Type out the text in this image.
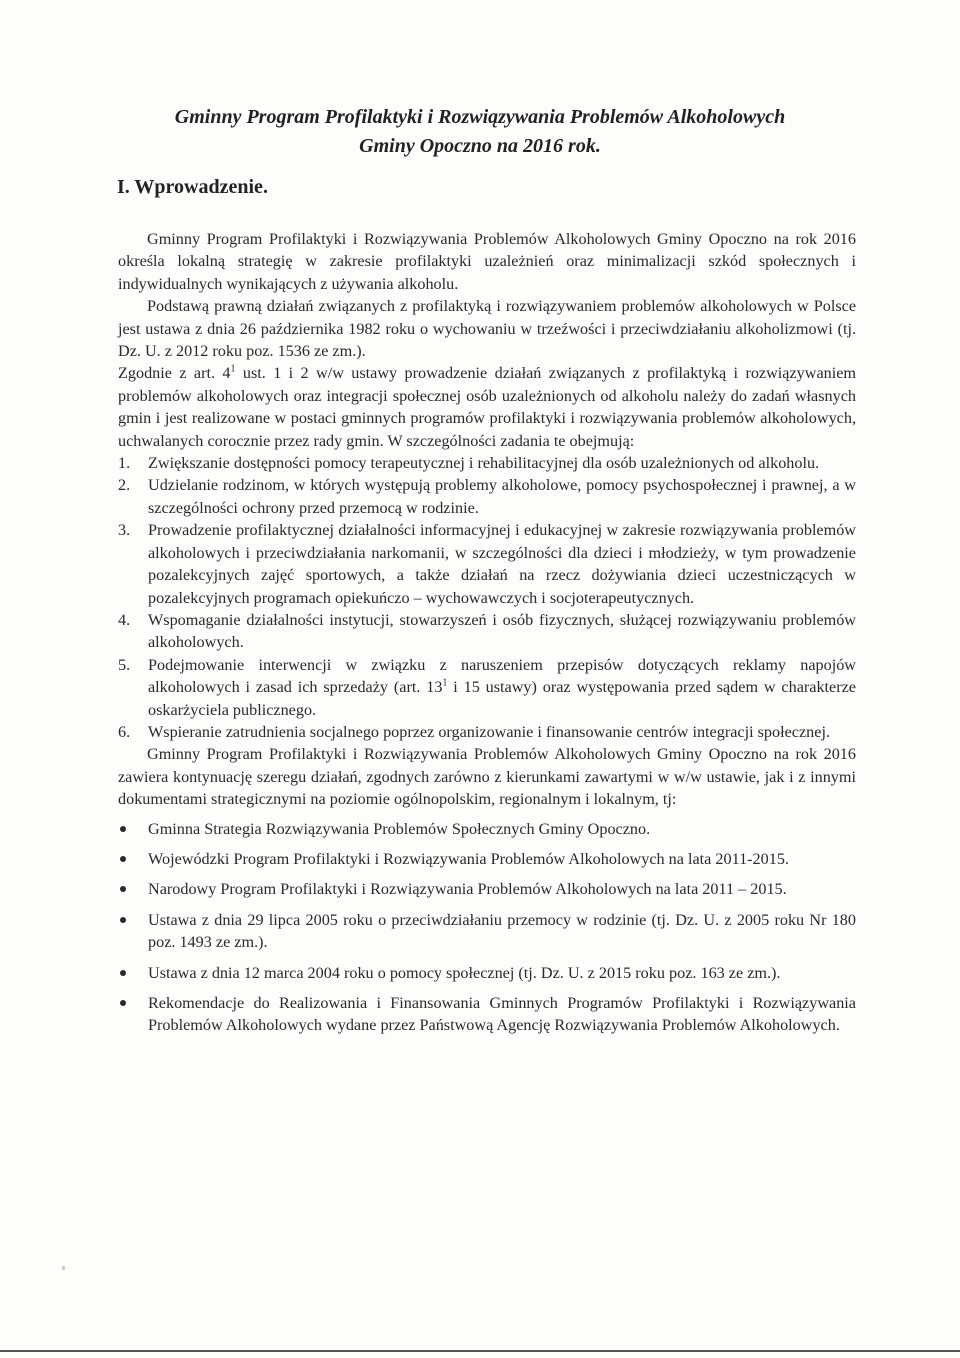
Gminny Program Profilaktyki i Rozwiązywania Problemów Alkoholowych
Gminy Opoczno na 2016 rok.
I. Wprowadzenie.

Gminny Program Profilaktyki i Rozwiązywania Problemów Alkoholowych Gminy Opoczno na rok 2016 określa lokalną strategię w zakresie profilaktyki uzależnień oraz minimalizacji szkód społecznych i indywidualnych wynikających z używania alkoholu.

Podstawą prawną działań związanych z profilaktyką i rozwiązywaniem problemów alkoholowych w Polsce jest ustawa z dnia 26 października 1982 roku o wychowaniu w trzeźwości i przeciwdziałaniu alkoholizmowi (tj. Dz. U. z 2012 roku poz. 1536 ze zm.).

Zgodnie z art. $4^1$ ust. 1 i 2 w/w ustawy prowadzenie działań związanych z profilaktyką i rozwiązywaniem problemów alkoholowych oraz integracji społecznej osób uzależnionych od alkoholu należy do zadań własnych gmin i jest realizowane w postaci gminnych programów profilaktyki i rozwiązywania problemów alkoholowych, uchwalanych corocznie przez rady gmin. W szczególności zadania te obejmują:

1. Zwiększanie dostępności pomocy terapeutycznej i rehabilitacyjnej dla osób uzależnionych od alkoholu.
2. Udzielanie rodzinom, w których występują problemy alkoholowe, pomocy psychospołecznej i prawnej, a w szczególności ochrony przed przemocą w rodzinie.
3. Prowadzenie profilaktycznej działalności informacyjnej i edukacyjnej w zakresie rozwiązywania problemów alkoholowych i przeciwdziałania narkomanii, w szczególności dla dzieci i młodzieży, w tym prowadzenie pozalekcyjnych zajęć sportowych, a także działań na rzecz dożywiania dzieci uczestniczących w pozalekcyjnych programach opiekuńczo – wychowawczych i socjoterapeutycznych.
4. Wspomaganie działalności instytucji, stowarzyszeń i osób fizycznych, służącej rozwiązywaniu problemów alkoholowych.
5. Podejmowanie interwencji w związku z naruszeniem przepisów dotyczących reklamy napojów alkoholowych i zasad ich sprzedaży (art. $13^1$ i 15 ustawy) oraz występowania przed sądem w charakterze oskarżyciela publicznego.
6. Wspieranie zatrudnienia socjalnego poprzez organizowanie i finansowanie centrów integracji społecznej.

Gminny Program Profilaktyki i Rozwiązywania Problemów Alkoholowych Gminy Opoczno na rok 2016 zawiera kontynuację szeregu działań, zgodnych zarówno z kierunkami zawartymi w w/w ustawie, jak i z innymi dokumentami strategicznymi na poziomie ogólnopolskim, regionalnym i lokalnym, tj:

Gminna Strategia Rozwiązywania Problemów Społecznych Gminy Opoczno.
Wojewódzki Program Profilaktyki i Rozwiązywania Problemów Alkoholowych na lata 2011-2015.
Narodowy Program Profilaktyki i Rozwiązywania Problemów Alkoholowych na lata 2011 – 2015.
Ustawa z dnia 29 lipca 2005 roku o przeciwdziałaniu przemocy w rodzinie (tj. Dz. U. z 2005 roku Nr 180 poz. 1493 ze zm.).
Ustawa z dnia 12 marca 2004 roku o pomocy społecznej (tj. Dz. U. z 2015 roku poz. 163 ze zm.).
Rekomendacje do Realizowania i Finansowania Gminnych Programów Profilaktyki i Rozwiązywania Problemów Alkoholowych wydane przez Państwową Agencję Rozwiązywania Problemów Alkoholowych.
